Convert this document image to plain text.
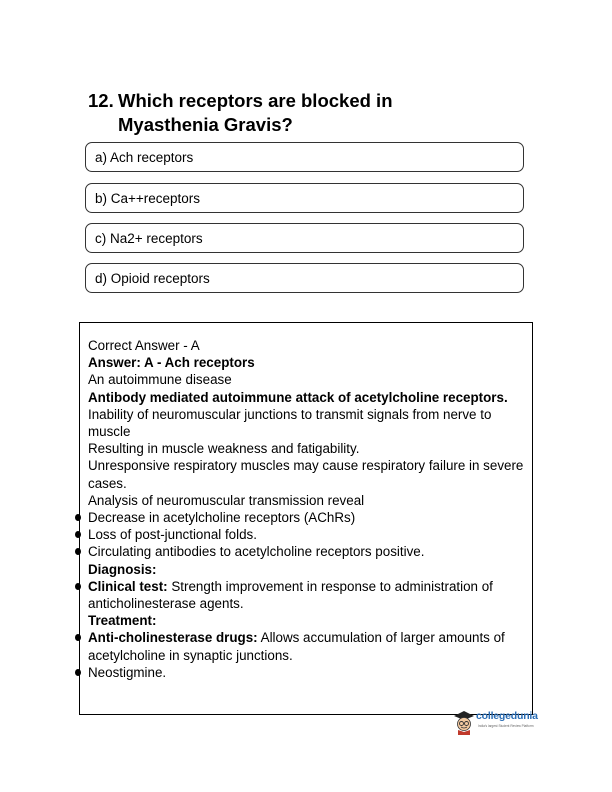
12. Which receptors are blocked in
Myasthenia Gravis?
a) Ach receptors
b) Ca++receptors
c) Na2+ receptors
d) Opioid receptors

Correct Answer - A

Answer: A - Ach receptors

An autoimmune disease

Antibody mediated autoimmune attack of acetylcholine receptors.

Inability of neuromuscular junctions to transmit signals from nerve to muscle

Resulting in muscle weakness and fatigability.

Unresponsive respiratory muscles may cause respiratory failure in severe cases.

Analysis of neuromuscular transmission reveal

Decrease in acetylcholine receptors (AChRs)

Loss of post-junctional folds.

Circulating antibodies to acetylcholine receptors positive.

Diagnosis:

Clinical test: Strength improvement in response to administration of anticholinesterase agents.

Treatment:

Anti-cholinesterase drugs: Allows accumulation of larger amounts of acetylcholine in synaptic junctions.

Neostigmine.

collegedunia
India's largest Student Review Platform
